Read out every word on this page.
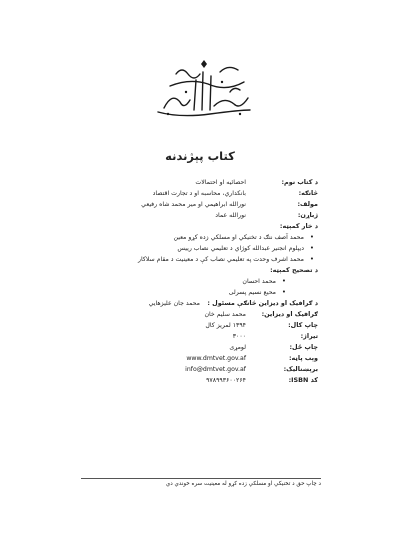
کتاب پېژندنه
د کتاب نوم:
احصائیه او احتمالات
څانګه:
بانکداري، محاسبه او د تجارت اقتصاد
مولف:
نورالله ابراهیمي او میر محمد شاه رفیعي
ژباړن:
نورالله عماد
د خار کمېټه:
• محمد آصف ننګ د تخنیکي او مسلکي زده کړو معین
• دیپلوم انجنیر عبدالله کوژاي د تعلیمي نصاب رییس
• محمد اشرف وحدت په تعلیمي نصاب کې د معینیت د مقام سلاکار
د تصحیح کمېټه:
• محمد احسان
• محیع نسیم پسرلی
د ګرافیک او دیزاین څانګې مسئول :
محمد جان علیزهایي
ګرافیک او دیزاین:
محمد سلیم خان
چاپ کال:
۱۳۹۴ لمریز کال
تیراژ:
۳۰۰۰
چاپ ځل:
لومړی
وېب پاڼه:
www.dmtvet.gov.af
برېښنالیک:
info@dmtvet.gov.af
کد ISBN:
۹۷۸۹۹۳۶۰۰۲۶۴
د چاپ حق د تخنیکي او مسلکي زده کړو له معینیت سره خوندي دي
